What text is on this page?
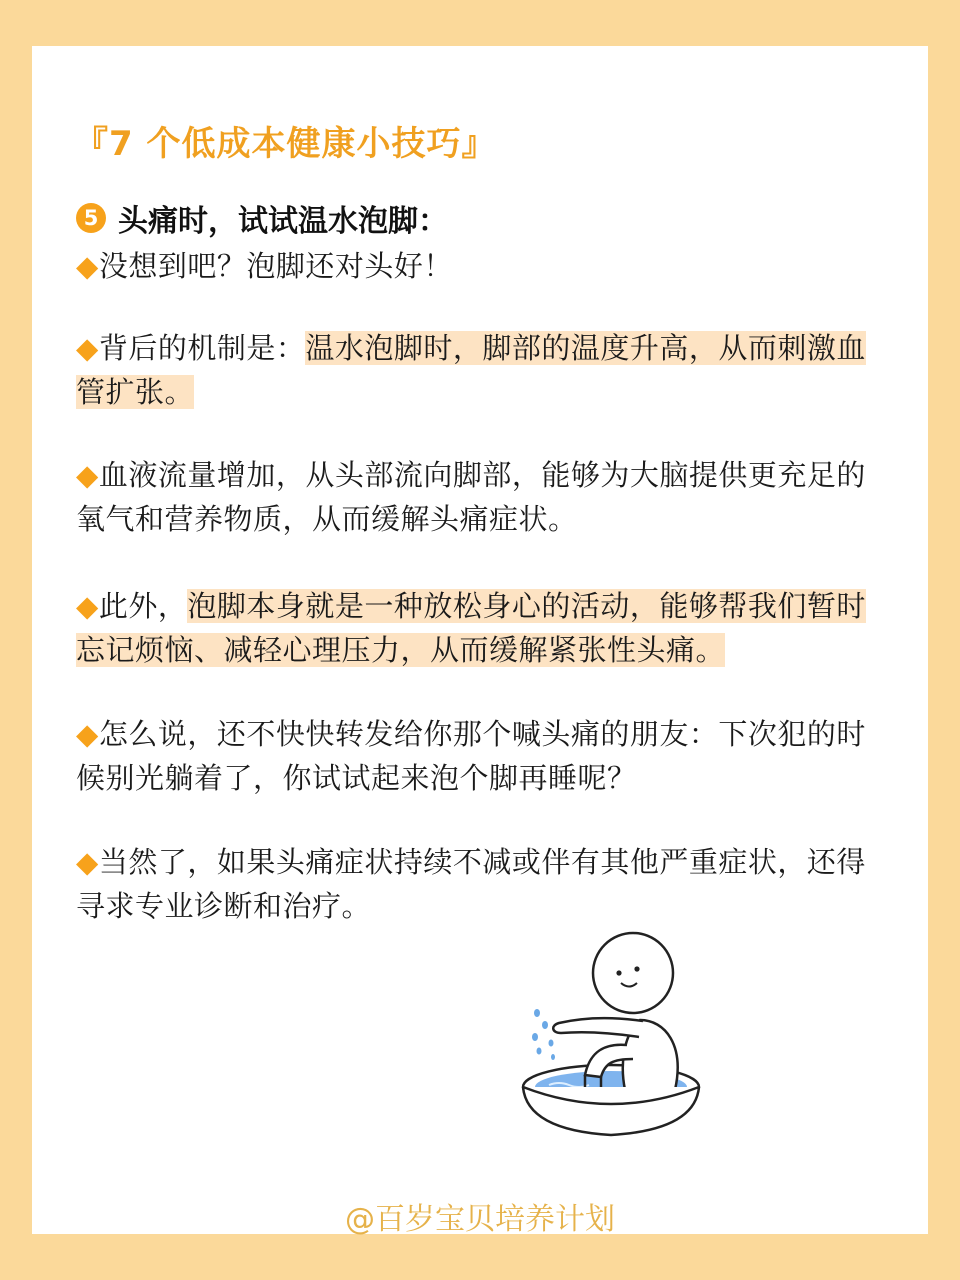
『7 个低成本健康小技巧』
5 头痛时，试试温水泡脚：
◆没想到吧？泡脚还对头好！
◆背后的机制是：温水泡脚时，脚部的温度升高，从而刺激血管扩张。
◆血液流量增加，从头部流向脚部，能够为大脑提供更充足的氧气和营养物质，从而缓解头痛症状。
◆此外，泡脚本身就是一种放松身心的活动，能够帮我们暂时忘记烦恼、减轻心理压力，从而缓解紧张性头痛。
◆怎么说，还不快快转发给你那个喊头痛的朋友：下次犯的时候别光躺着了，你试试起来泡个脚再睡呢？
◆当然了，如果头痛症状持续不减或伴有其他严重症状，还得寻求专业诊断和治疗。
@百岁宝贝培养计划
